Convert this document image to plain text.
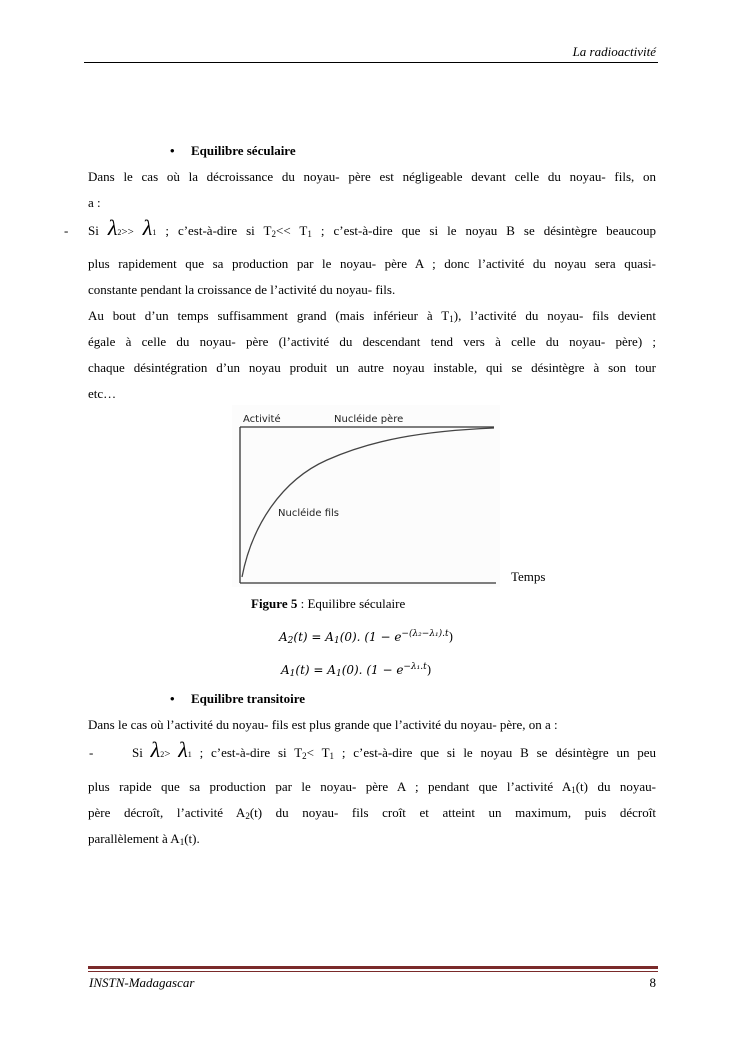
La radioactivité
• Equilibre séculaire
Dans le cas où la décroissance du noyau- père est négligeable devant celle du noyau- fils, on
a :
- Si λ2>> λ1 ; c’est-à-dire si $T_2<< T_1$ ; c’est-à-dire que si le noyau B se désintègre beaucoup
plus rapidement que sa production par le noyau- père A ; donc l’activité du noyau sera quasi-
constante pendant la croissance de l’activité du noyau- fils.
Au bout d’un temps suffisamment grand (mais inférieur à $T_1$), l’activité du noyau- fils devient
égale à celle du noyau- père (l’activité du descendant tend vers à celle du noyau- père) ;
chaque désintégration d’un noyau produit un autre noyau instable, qui se désintègre à son tour
etc…
Activité	Nucléide père
Nucléide fils
Temps
Figure 5 : Equilibre séculaire
$A_2(t) = A_1(0)$. $(1 - e^{-(\lambda_2-\lambda_1).t})$
$A_1(t) = A_1(0)$. $(1 - e^{-\lambda_1.t})$
• Equilibre transitoire
Dans le cas où l’activité du noyau- fils est plus grande que l’activité du noyau- père, on a :
-	Si λ2> λ1 ; c’est-à-dire si $T_2< T_1$ ; c’est-à-dire que si le noyau B se désintègre un peu
plus rapide que sa production par le noyau- père A ; pendant que l’activité $A_1(t)$ du noyau-
père décroît, l’activité $A_2(t)$ du noyau- fils croît et atteint un maximum, puis décroît
parallèlement à $A_1(t)$.
INSTN-Madagascar	8
